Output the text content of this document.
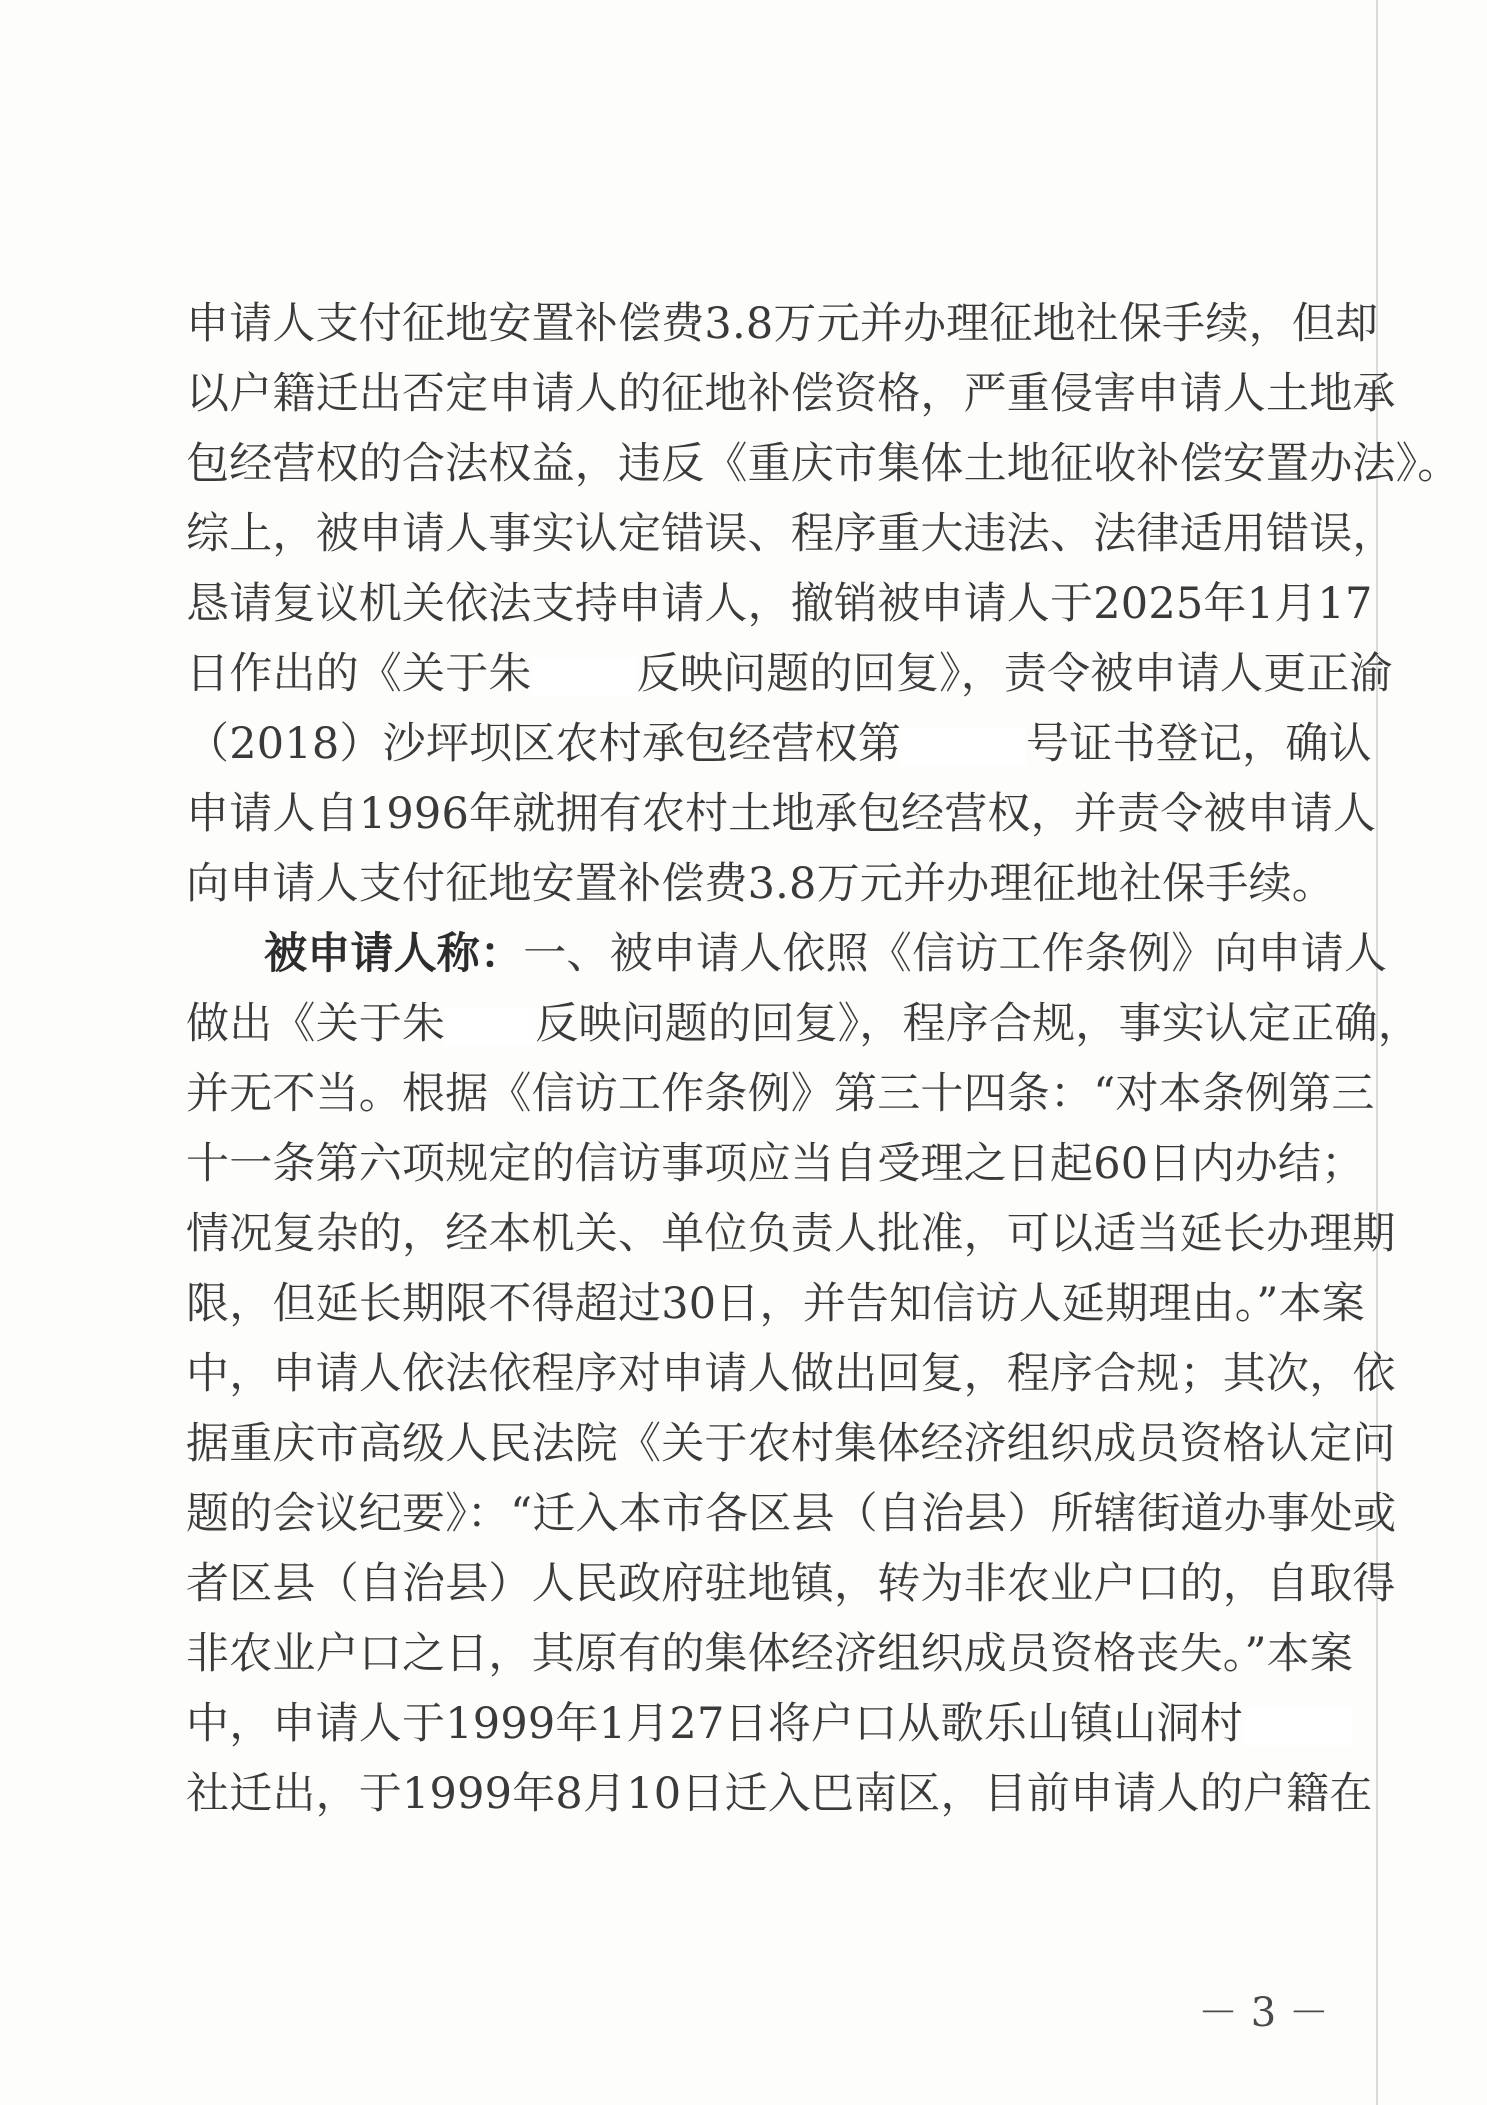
申请人支付征地安置补偿费3.8万元并办理征地社保手续，但却
以户籍迁出否定申请人的征地补偿资格，严重侵害申请人土地承
包经营权的合法权益，违反《重庆市集体土地征收补偿安置办法》。
综上，被申请人事实认定错误、程序重大违法、法律适用错误，
恳请复议机关依法支持申请人，撤销被申请人于2025年1月17
日作出的《关于朱 反映问题的回复》，责令被申请人更正渝
（2018）沙坪坝区农村承包经营权第	号证书登记，确认
申请人自1996年就拥有农村土地承包经营权，并责令被申请人
向申请人支付征地安置补偿费3.8万元并办理征地社保手续。
被申请人称：一、被申请人依照《信访工作条例》向申请人
做出《关于朱 反映问题的回复》，程序合规，事实认定正确，
并无不当。根据《信访工作条例》第三十四条：“对本条例第三
十一条第六项规定的信访事项应当自受理之日起60日内办结；
情况复杂的，经本机关、单位负责人批准，可以适当延长办理期
限，但延长期限不得超过30日，并告知信访人延期理由。”本案
中，申请人依法依程序对申请人做出回复，程序合规；其次，依
据重庆市高级人民法院《关于农村集体经济组织成员资格认定问
题的会议纪要》：“迁入本市各区县（自治县）所辖街道办事处或
者区县（自治县）人民政府驻地镇，转为非农业户口的，自取得
非农业户口之日，其原有的集体经济组织成员资格丧失。”本案
中，申请人于1999年1月27日将户口从歌乐山镇山洞村
社迁出，于1999年8月10日迁入巴南区，目前申请人的户籍在
－ 3 －
